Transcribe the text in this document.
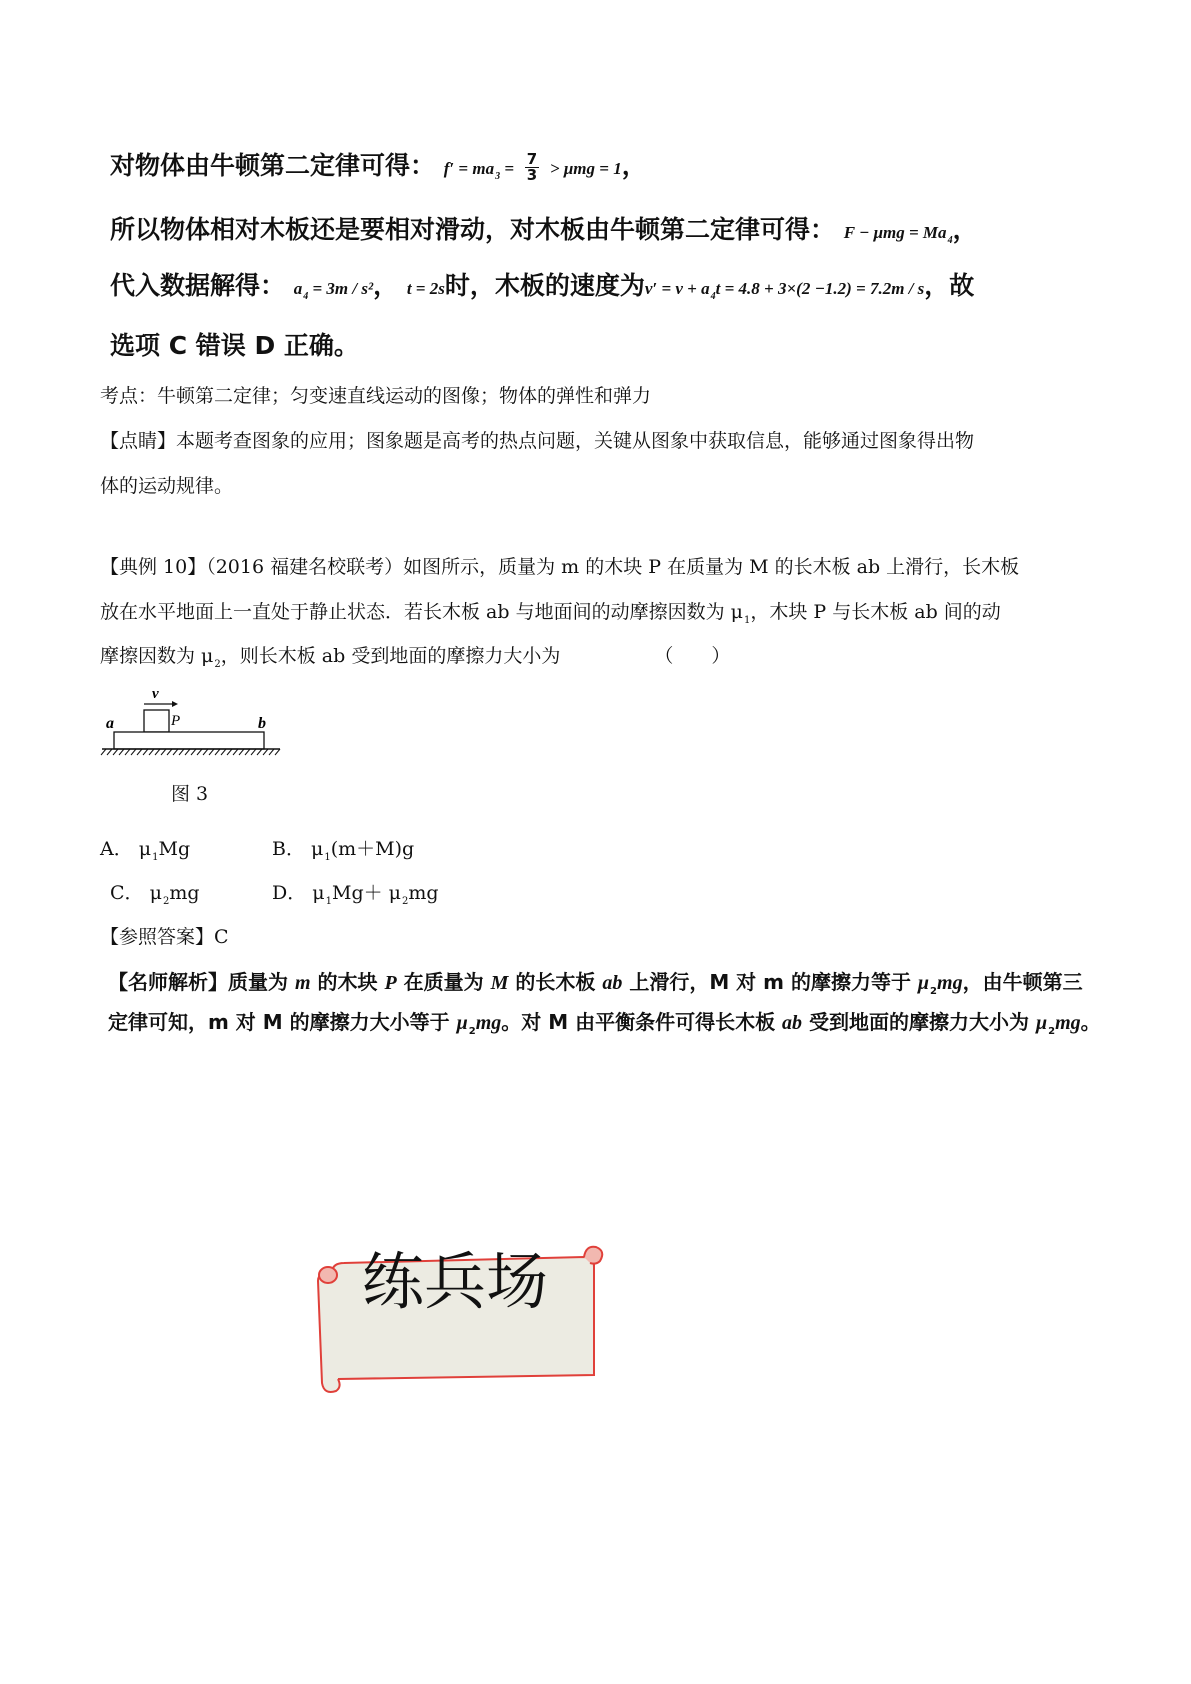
对物体由牛顿第二定律可得： $f' = ma_3 = \frac{7}{3} > \mu mg = 1$，
所以物体相对木板还是要相对滑动，对木板由牛顿第二定律可得： $F - \mu mg = Ma_4$，
代入数据解得： $a_4 = 3m / s^2$， t = 2s时，木板的速度为$v' = v + a_4t = 4.8 + 3\times(2 -1.2) = 7.2m / s$，故
选项 C 错误 D 正确。
考点：牛顿第二定律；匀变速直线运动的图像；物体的弹性和弹力
【点睛】本题考查图象的应用；图象题是高考的热点问题，关键从图象中获取信息，能够通过图象得出物
体的运动规律。
【典例 10】（2016 福建名校联考）如图所示，质量为 m 的木块 P 在质量为 M 的长木板 ab 上滑行，长木板
放在水平地面上一直处于静止状态．若长木板 ab 与地面间的动摩擦因数为 $\mu_1$，木块 P 与长木板 ab 间的动
摩擦因数为 $\mu_2$，则长木板 ab 受到地面的摩擦力大小为	（　　）
v
a	P	b
图 3
A． $\mu_1Mg$	B． $\mu_1(m+M)g$
C． $\mu_2mg$	D． $\mu_1Mg+ \mu_2mg$
【参照答案】C
【名师解析】质量为 m 的木块 P 在质量为 M 的长木板 ab 上滑行，M 对 m 的摩擦力等于 $\mu_2mg$，由牛顿第三
定律可知，m 对 M 的摩擦力大小等于 $\mu_2mg$。对 M 由平衡条件可得长木板 ab 受到地面的摩擦力大小为 $\mu_2mg$。
练兵场
